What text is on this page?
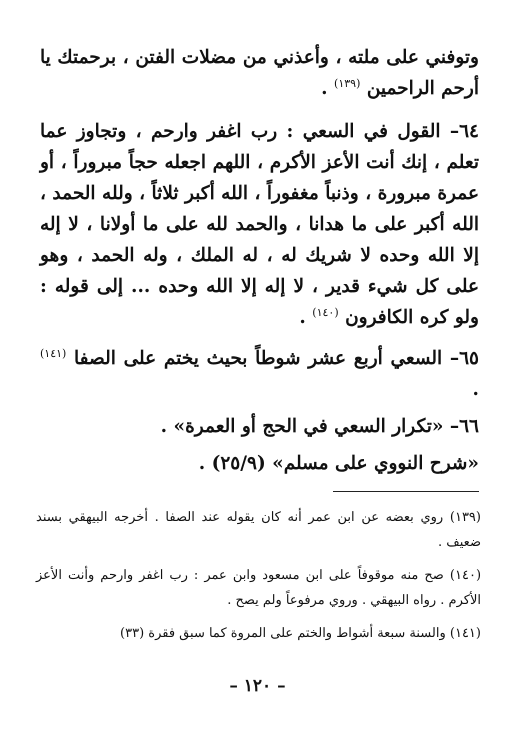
وتوفني على ملته ، وأعذني من مضلات الفتن ، برحمتك يا أرحم الراحمين $^{(١٣٩)}$ .

٦٤– القول في السعي : رب اغفر وارحم ، وتجاوز عما تعلم ، إنك أنت الأعز الأكرم ، اللهم اجعله حجاً مبروراً ، أو عمرة مبرورة ، وذنباً مغفوراً ، الله أكبر ثلاثاً ، ولله الحمد ، الله أكبر على ما هدانا ، والحمد لله على ما أولانا ، لا إله إلا الله وحده لا شريك له ، له الملك ، وله الحمد ، وهو على كل شيء قدير ، لا إله إلا الله وحده ... إلى قوله : ولو كره الكافرون $^{(١٤٠)}$ .

٦٥– السعي أربع عشر شوطاً بحيث يختم على الصفا $^{(١٤١)}$ .

٦٦– «تكرار السعي في الحج أو العمرة» .

«شرح النووي على مسلم» (٢٥/٩) .

(١٣٩) روي بعضه عن ابن عمر أنه كان يقوله عند الصفا . أخرجه البيهقي بسند ضعيف .

(١٤٠) صح منه موقوفاً على ابن مسعود وابن عمر : رب اغفر وارحم وأنت الأعز الأكرم . رواه البيهقي . وروي مرفوعاً ولم يصح .

(١٤١) والسنة سبعة أشواط والختم على المروة كما سبق فقرة (٣٣)

– ١٢٠ –
